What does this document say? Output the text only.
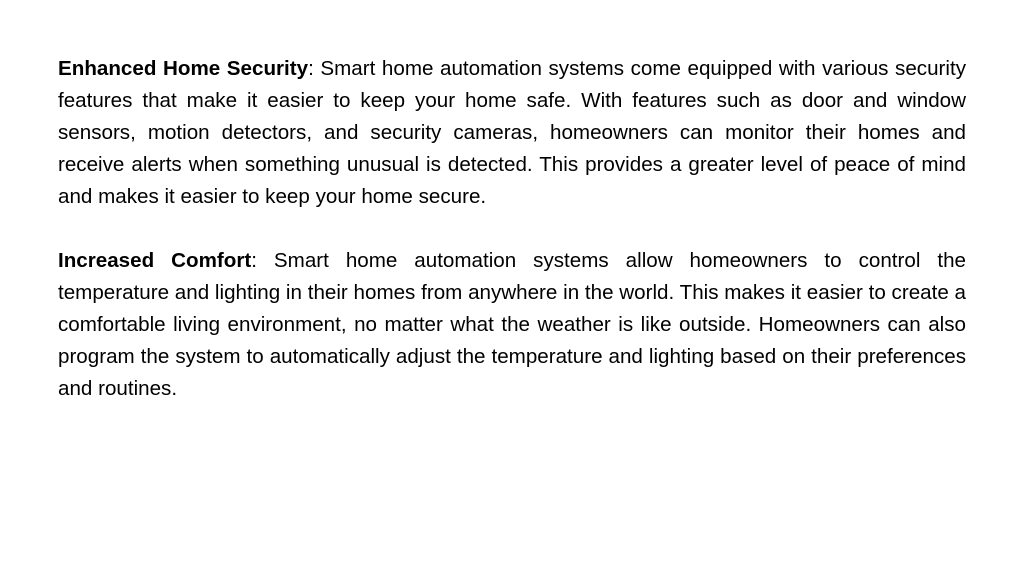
Enhanced Home Security: Smart home automation systems come equipped with various security features that make it easier to keep your home safe. With features such as door and window sensors, motion detectors, and security cameras, homeowners can monitor their homes and receive alerts when something unusual is detected. This provides a greater level of peace of mind and makes it easier to keep your home secure.

Increased Comfort: Smart home automation systems allow homeowners to control the temperature and lighting in their homes from anywhere in the world. This makes it easier to create a comfortable living environment, no matter what the weather is like outside. Homeowners can also program the system to automatically adjust the temperature and lighting based on their preferences and routines.
